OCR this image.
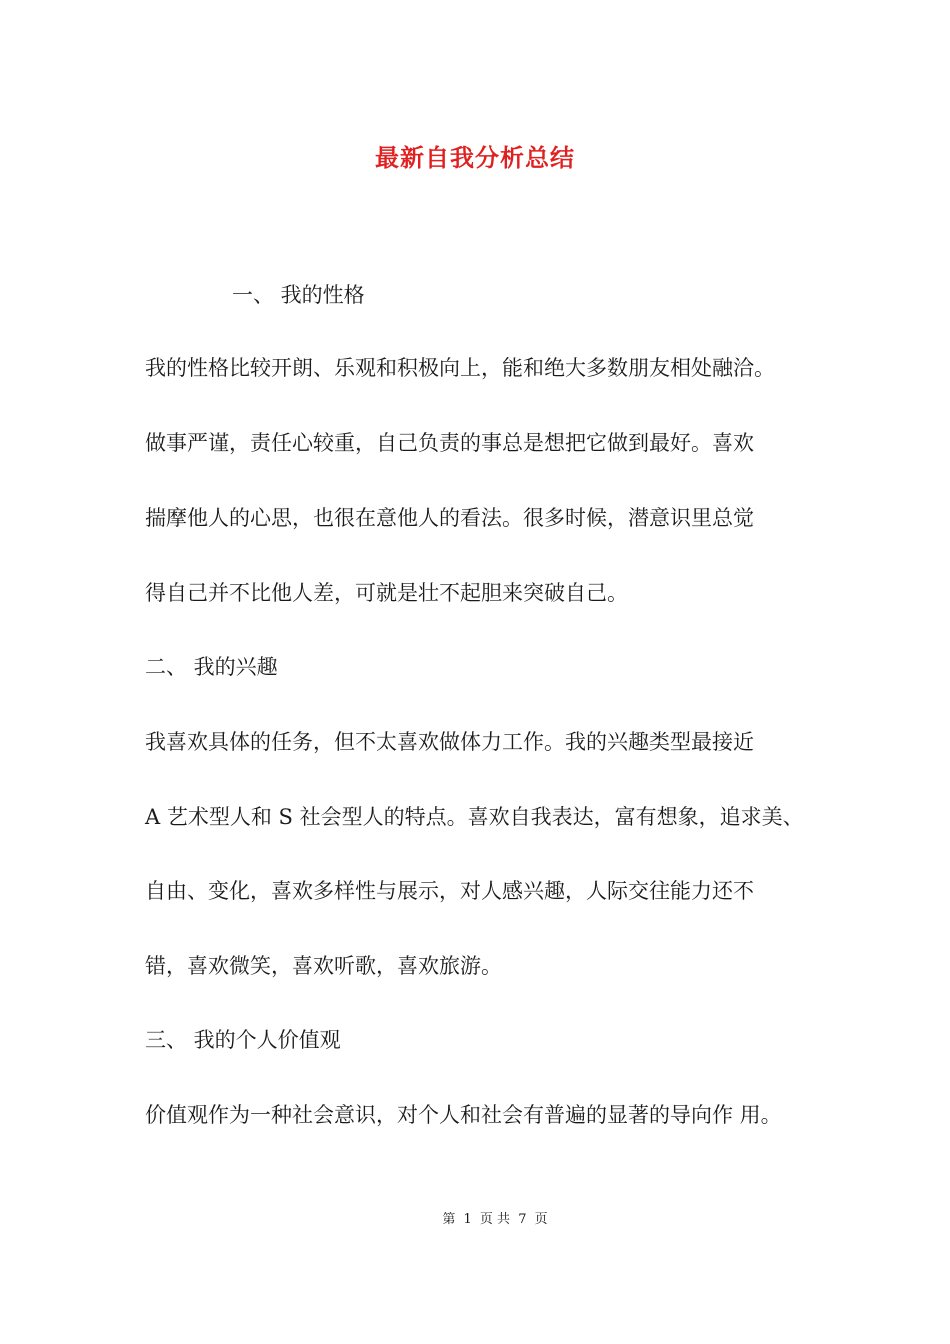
最新自我分析总结
一、 我的性格
我的性格比较开朗、乐观和积极向上，能和绝大多数朋友相处融洽。
做事严谨，责任心较重，自己负责的事总是想把它做到最好。喜欢
揣摩他人的心思，也很在意他人的看法。很多时候，潜意识里总觉
得自己并不比他人差，可就是壮不起胆来突破自己。
二、 我的兴趣
我喜欢具体的任务，但不太喜欢做体力工作。我的兴趣类型最接近
A 艺术型人和 S 社会型人的特点。喜欢自我表达，富有想象，追求美、
自由、变化，喜欢多样性与展示，对人感兴趣，人际交往能力还不
错，喜欢微笑，喜欢听歌，喜欢旅游。
三、 我的个人价值观
价值观作为一种社会意识，对个人和社会有普遍的显著的导向作 用。
第 1 页 共 7 页
